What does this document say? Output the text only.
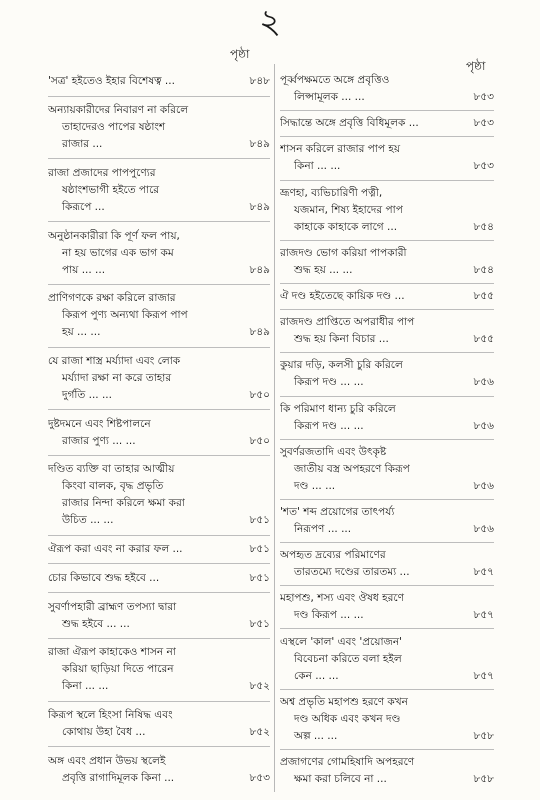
২
পৃষ্ঠা
পৃষ্ঠা
'সত্র' হইতেও ইহার বিশেষত্ব ...	৮৪৮
অন্যায়কারীদের নিবারণ না করিলে
তাহাদেরও পাপের ষষ্ঠাংশ
রাজার ...	৮৪৯
রাজা প্রজাদের পাপপুণ্যের
ষষ্ঠাংশভাগী হইতে পারে
কিরূপে ...	৮৪৯
অনুষ্ঠানকারীরা কি পূর্ণ ফল পায়,
না হয় ভাগের এক ভাগ কম
পায় ... ...	৮৪৯
প্রাণিগণকে রক্ষা করিলে রাজার
কিরূপ পুণ্য অন্যথা কিরূপ পাপ
হয় ... ...	৮৪৯
যে রাজা শাস্ত্র মর্য্যাদা এবং লোক
মর্য্যাদা রক্ষা না করে তাহার
দুর্গতি ... ...	৮৫০
দুষ্টদমনে এবং শিষ্টপালনে
রাজার পুণ্য ... ...	৮৫০
দণ্ডিত ব্যক্তি বা তাহার আত্মীয়
কিংবা বালক, বৃদ্ধ প্রভৃতি
রাজার নিন্দা করিলে ক্ষমা করা
উচিত ... ...	৮৫১
ঐরূপ করা এবং না করার ফল ...	৮৫১
চোর কিভাবে শুদ্ধ হইবে ...	৮৫১
সুবর্ণাপহারী ব্রাহ্মণ তপস্যা দ্বারা
শুদ্ধ হইবে ... ...	৮৫১
রাজা ঐরূপ কাহাকেও শাসন না
করিয়া ছাড়িয়া দিতে পারেন
কিনা ... ...	৮৫২
কিরূপ স্থলে হিংসা নিষিদ্ধ এবং
কোথায় উহা বৈধ ...	৮৫২
অঙ্গ এবং প্রধান উভয় স্থলেই
প্রবৃত্তি রাগাদিমূলক কিনা ...	৮৫৩
পূর্ব্বপক্ষমতে অঙ্গে প্রবৃত্তিও
লিপ্সামূলক ... ...	৮৫৩
সিদ্ধান্তে অঙ্গে প্রবৃত্তি বিধিমূলক ...	৮৫৩
শাসন করিলে রাজার পাপ হয়
কিনা ... ...	৮৫৩
ভ্রূণহা, ব্যভিচারিণী পত্নী,
যজমান, শিষ্য ইহাদের পাপ
কাহাকে কাহাকে লাগে ...	৮৫৪
রাজদণ্ড ভোগ করিয়া পাপকারী
শুদ্ধ হয় ... ...	৮৫৪
ঐ দণ্ড হইতেছে কায়িক দণ্ড ...	৮৫৫
রাজদণ্ড প্রাপ্তিতে অপরাধীর পাপ
শুদ্ধ হয় কিনা বিচার ...	৮৫৫
কুয়ার দড়ি, কলসী চুরি করিলে
কিরূপ দণ্ড ... ...	৮৫৬
কি পরিমাণ ধান্য চুরি করিলে
কিরূপ দণ্ড ... ...	৮৫৬
সুবর্ণরজতাদি এবং উৎকৃষ্ট
জাতীয় বস্ত্র অপহরণে কিরূপ
দণ্ড ... ...	৮৫৬
'শত' শব্দ প্রয়োগের তাৎপর্য্য
নিরূপণ ... ...	৮৫৬
অপহৃত দ্রব্যের পরিমাণের
তারতম্যে দণ্ডের তারতম্য ...	৮৫৭
মহাপশু, শস্য এবং ঔষধ হরণে
দণ্ড কিরূপ ... ...	৮৫৭
এস্থলে 'কাল' এবং 'প্রয়োজন'
বিবেচনা করিতে বলা হইল
কেন ... ...	৮৫৭
অশ্ব প্রভৃতি মহাপশু হরণে কখন
দণ্ড অধিক এবং কখন দণ্ড
অল্প ... ...	৮৫৮
প্রজাগণের গোমহিষাদি অপহরণে
ক্ষমা করা চলিবে না ...	৮৫৮
